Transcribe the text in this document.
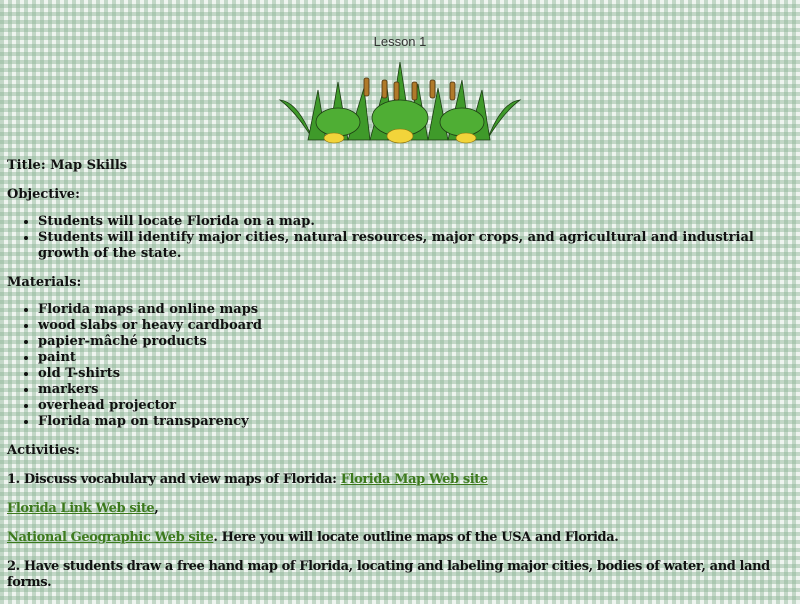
Lesson 1

Title: Map Skills

Objective:

• Students will locate Florida on a map.
• Students will identify major cities, natural resources, major crops, and agricultural and industrial growth of the state.

Materials:

• Florida maps and online maps
• wood slabs or heavy cardboard
• papier-mâché products
• paint
• old T-shirts
• markers
• overhead projector
• Florida map on transparency

Activities:

1. Discuss vocabulary and view maps of Florida: Florida Map Web site

Florida Link Web site,

National Geographic Web site. Here you will locate outline maps of the USA and Florida.

2. Have students draw a free hand map of Florida, locating and labeling major cities, bodies of water, and land forms.
